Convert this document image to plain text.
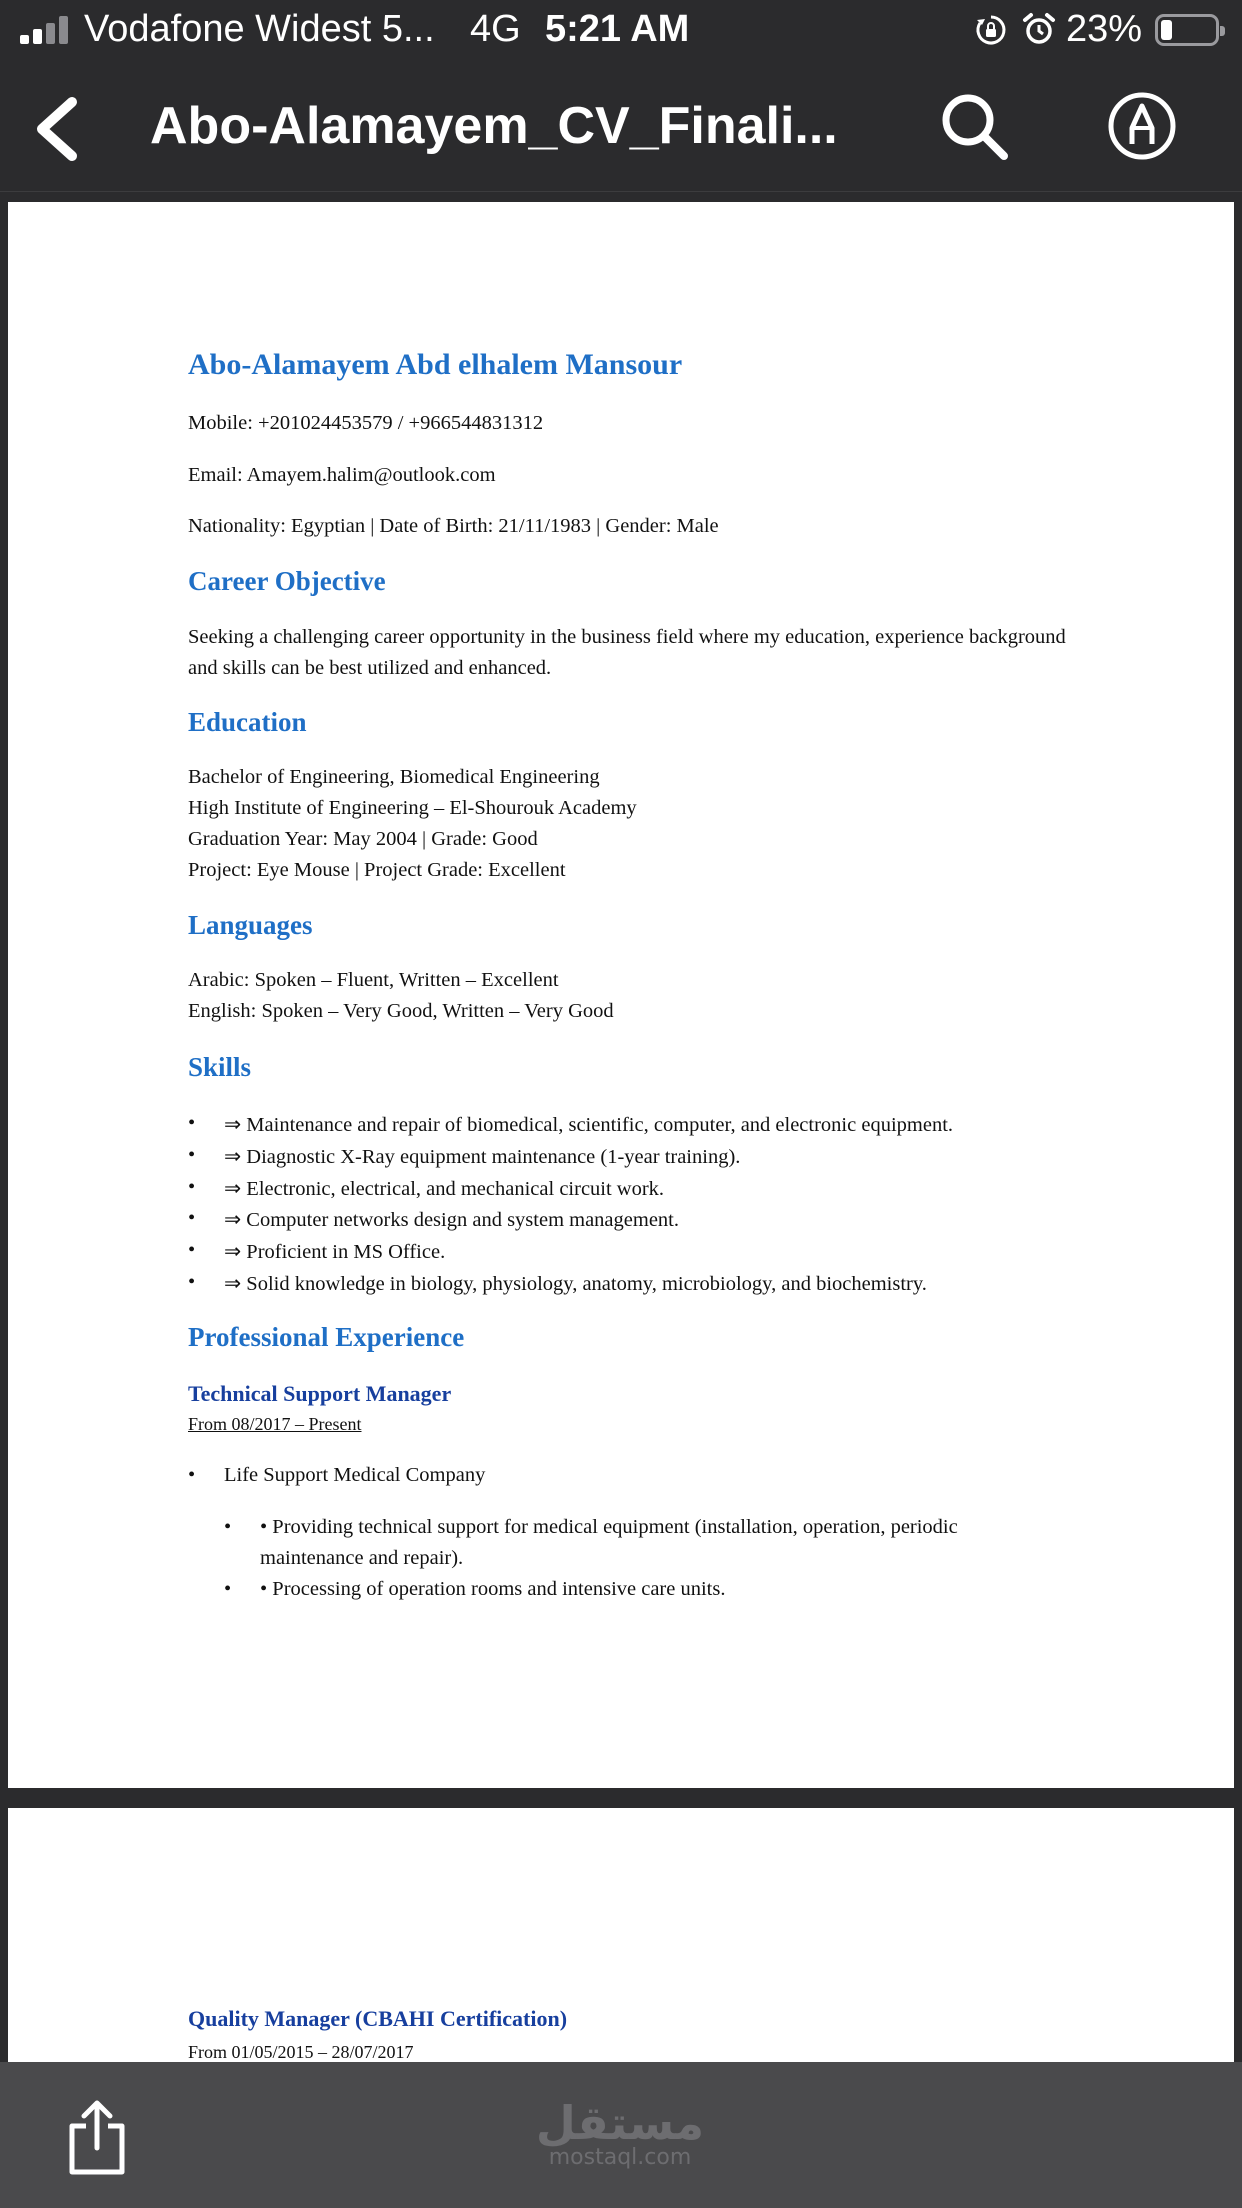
Vodafone Widest 5... 4G 5:21 AM	23%
Abo-Alamayem_CV_Finali...
Abo-Alamayem Abd elhalem Mansour
Mobile: +201024453579 / +966544831312
Email: Amayem.halim@outlook.com
Nationality: Egyptian | Date of Birth: 21/11/1983 | Gender: Male
Career Objective
Seeking a challenging career opportunity in the business field where my education, experience background and skills can be best utilized and enhanced.
Education
Bachelor of Engineering, Biomedical Engineering
High Institute of Engineering – El-Shourouk Academy
Graduation Year: May 2004 | Grade: Good
Project: Eye Mouse | Project Grade: Excellent
Languages
Arabic: Spoken – Fluent, Written – Excellent
English: Spoken – Very Good, Written – Very Good
Skills
• ⇒ Maintenance and repair of biomedical, scientific, computer, and electronic equipment.
• ⇒ Diagnostic X-Ray equipment maintenance (1-year training).
• ⇒ Electronic, electrical, and mechanical circuit work.
• ⇒ Computer networks design and system management.
• ⇒ Proficient in MS Office.
• ⇒ Solid knowledge in biology, physiology, anatomy, microbiology, and biochemistry.
Professional Experience
Technical Support Manager
From 08/2017 – Present
• Life Support Medical Company
• • Providing technical support for medical equipment (installation, operation, periodic
maintenance and repair).
• • Processing of operation rooms and intensive care units.
Quality Manager (CBAHI Certification)
From 01/05/2015 – 28/07/2017
مستقل
mostaql.com
